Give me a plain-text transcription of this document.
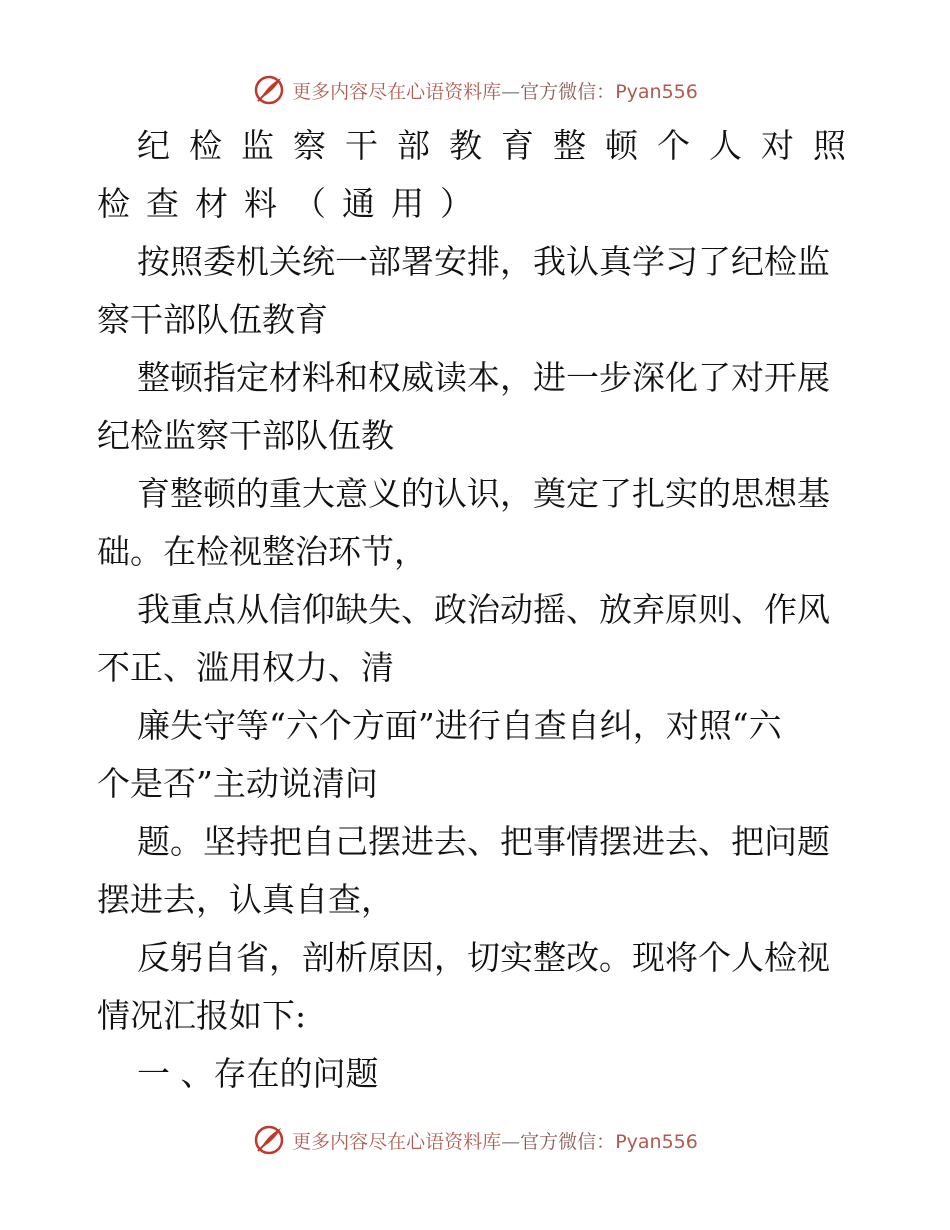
更多内容尽在心语资料库—官方微信：Pyan556
纪检监察干部教育整顿个人对照
检查材料（通用）
按照委机关统一部署安排，我认真学习了纪检监
察干部队伍教育
整顿指定材料和权威读本，进一步深化了对开展
纪检监察干部队伍教
育整顿的重大意义的认识，奠定了扎实的思想基
础。在检视整治环节，
我重点从信仰缺失、政治动摇、放弃原则、作风
不正、滥用权力、清
廉失守等“六个方面”进行自查自纠，对照“六
个是否”主动说清问
题。坚持把自己摆进去、把事情摆进去、把问题
摆进去，认真自查，
反躬自省，剖析原因，切实整改。现将个人检视
情况汇报如下:
一 、存在的问题
更多内容尽在心语资料库—官方微信：Pyan556
